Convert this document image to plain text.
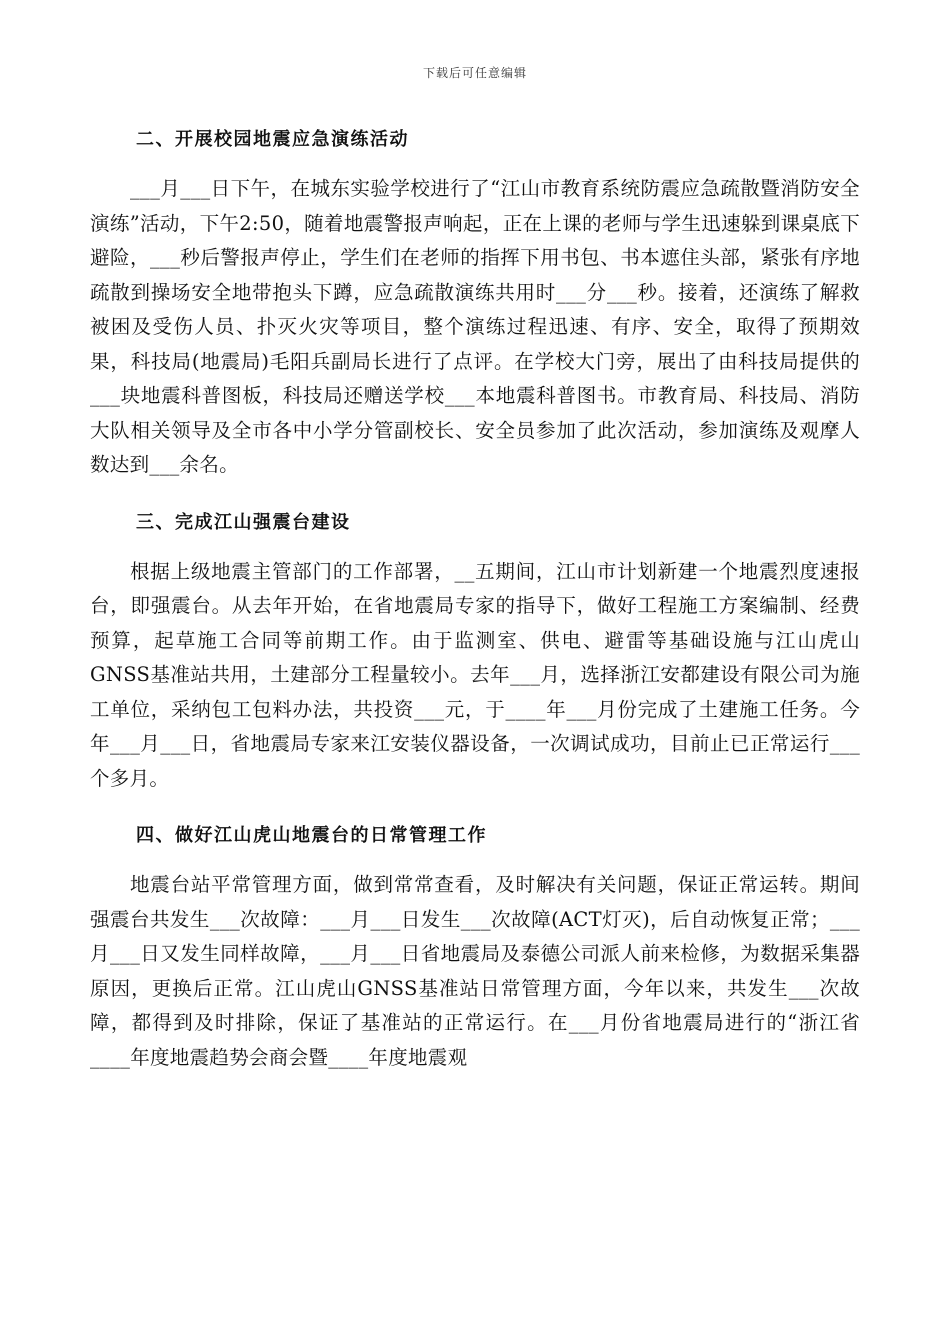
下载后可任意编辑
二、开展校园地震应急演练活动

___月___日下午，在城东实验学校进行了“江山市教育系统防震应急疏散暨消防安全演练”活动，下午2:50，随着地震警报声响起，正在上课的老师与学生迅速躲到课桌底下避险，___秒后警报声停止，学生们在老师的指挥下用书包、书本遮住头部，紧张有序地疏散到操场安全地带抱头下蹲，应急疏散演练共用时___分___秒。接着，还演练了解救被困及受伤人员、扑灭火灾等项目，整个演练过程迅速、有序、安全，取得了预期效果，科技局(地震局)毛阳兵副局长进行了点评。在学校大门旁，展出了由科技局提供的___块地震科普图板，科技局还赠送学校___本地震科普图书。市教育局、科技局、消防大队相关领导及全市各中小学分管副校长、安全员参加了此次活动，参加演练及观摩人数达到___余名。

三、完成江山强震台建设

根据上级地震主管部门的工作部署，__五期间，江山市计划新建一个地震烈度速报台，即强震台。从去年开始，在省地震局专家的指导下，做好工程施工方案编制、经费预算，起草施工合同等前期工作。由于监测室、供电、避雷等基础设施与江山虎山GNSS基准站共用，土建部分工程量较小。去年___月，选择浙江安都建设有限公司为施工单位，采纳包工包料办法，共投资___元，于____年___月份完成了土建施工任务。今年___月___日，省地震局专家来江安装仪器设备，一次调试成功，目前止已正常运行___个多月。

四、做好江山虎山地震台的日常管理工作

地震台站平常管理方面，做到常常查看，及时解决有关问题，保证正常运转。期间强震台共发生___次故障：___月___日发生___次故障(ACT灯灭)，后自动恢复正常；___月___日又发生同样故障，___月___日省地震局及泰德公司派人前来检修，为数据采集器原因，更换后正常。江山虎山GNSS基准站日常管理方面，今年以来，共发生___次故障，都得到及时排除，保证了基准站的正常运行。在___月份省地震局进行的“浙江省____年度地震趋势会商会暨____年度地震观
